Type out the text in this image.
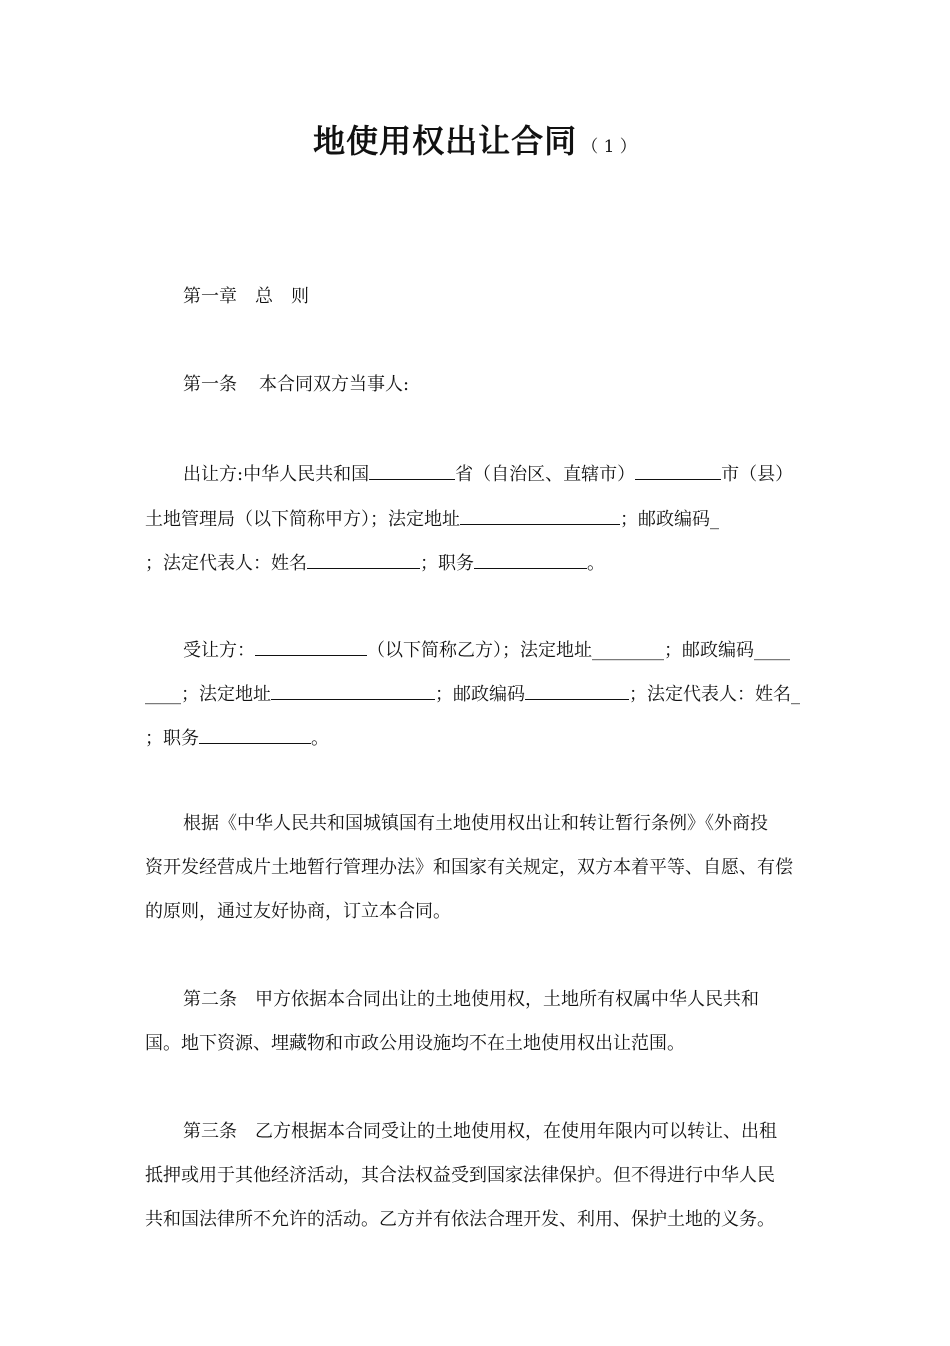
地使用权出让合同 （ 1 ）
第一章　总　则
第一条 本合同双方当事人:
出让方:中华人民共和国	省（自治区、直辖市）	市（县）
土地管理局（以下简称甲方）；法定地址	；邮政编码_
；法定代表人：姓名	；职务	。
受让方：	（以下简称乙方）；法定地址________；邮政编码____
____；法定地址	；邮政编码	；法定代表人：姓名_
；职务	。
根据《中华人民共和国城镇国有土地使用权出让和转让暂行条例》《外商投
资开发经营成片土地暂行管理办法》和国家有关规定，双方本着平等、自愿、有偿
的原则，通过友好协商，订立本合同。
第二条　甲方依据本合同出让的土地使用权，土地所有权属中华人民共和
国。地下资源、埋藏物和市政公用设施均不在土地使用权出让范围。
第三条　乙方根据本合同受让的土地使用权，在使用年限内可以转让、出租
抵押或用于其他经济活动，其合法权益受到国家法律保护。但不得进行中华人民
共和国法律所不允许的活动。乙方并有依法合理开发、利用、保护土地的义务。
